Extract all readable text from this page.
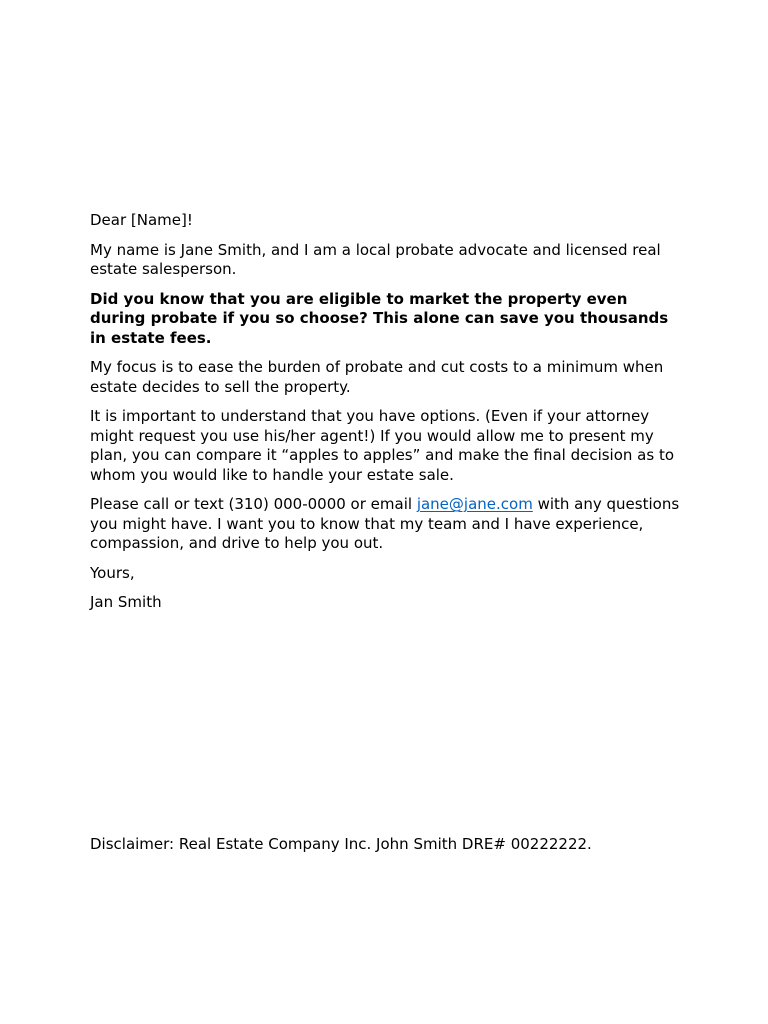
Dear [Name]!

My name is Jane Smith, and I am a local probate advocate and licensed real estate salesperson.

Did you know that you are eligible to market the property even during probate if you so choose? This alone can save you thousands in estate fees.

My focus is to ease the burden of probate and cut costs to a minimum when estate decides to sell the property.

It is important to understand that you have options. (Even if your attorney might request you use his/her agent!) If you would allow me to present my plan, you can compare it “apples to apples” and make the final decision as to whom you would like to handle your estate sale.

Please call or text (310) 000-0000 or email jane@jane.com with any questions you might have. I want you to know that my team and I have experience, compassion, and drive to help you out.

Yours,

Jan Smith

Disclaimer: Real Estate Company Inc. John Smith DRE# 00222222.
